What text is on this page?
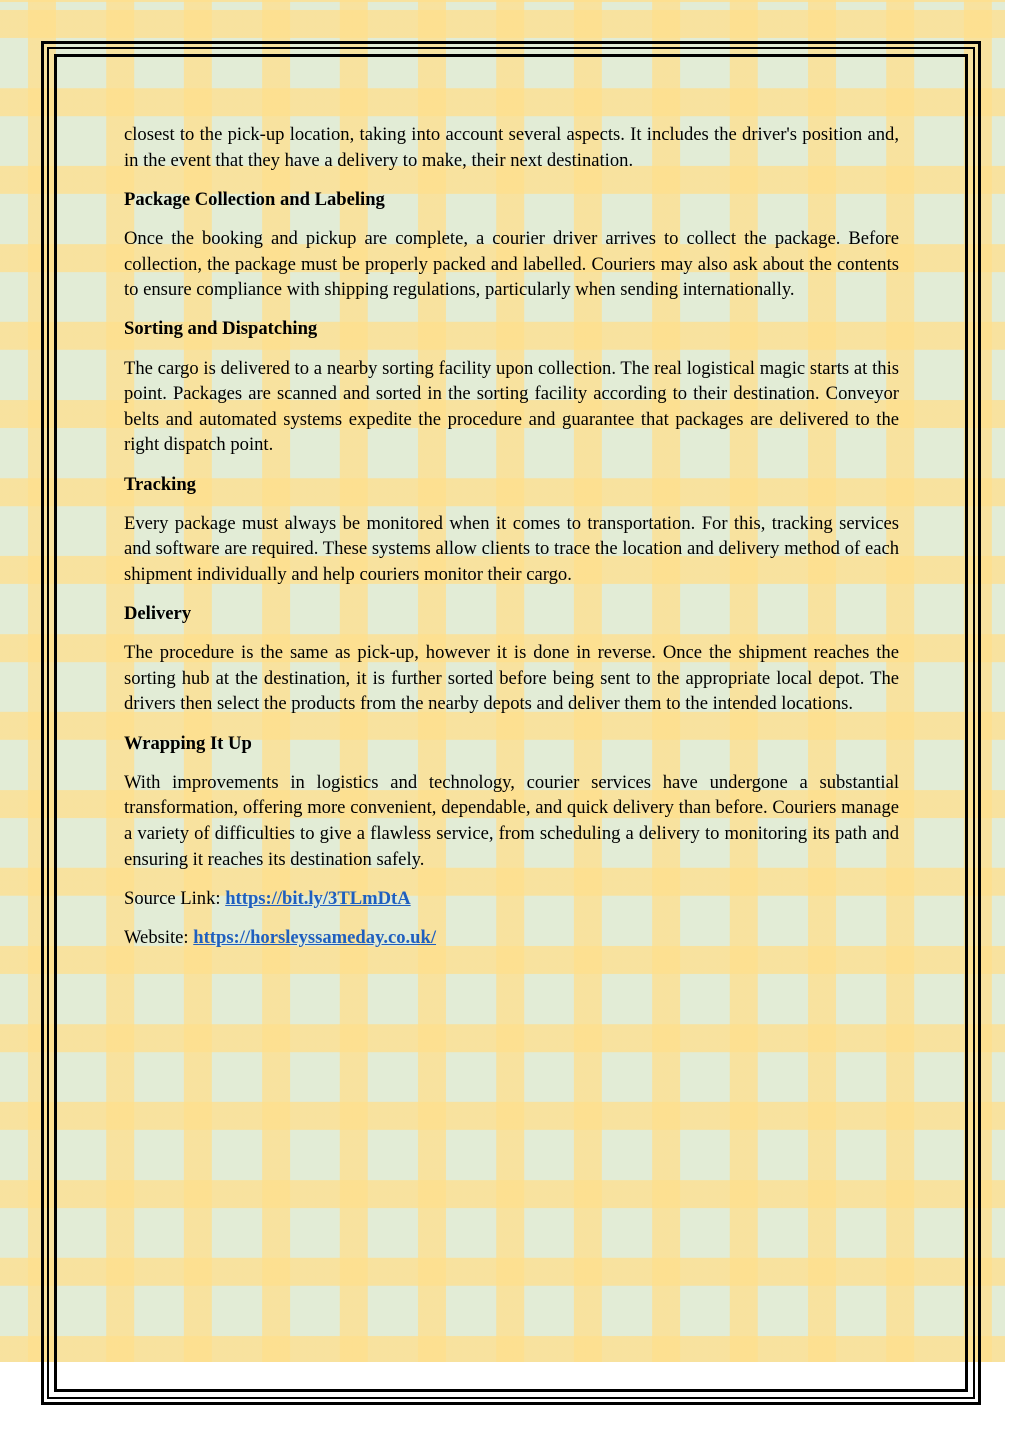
closest to the pick-up location, taking into account several aspects. It includes the driver's position and, in the event that they have a delivery to make, their next destination.

Package Collection and Labeling

Once the booking and pickup are complete, a courier driver arrives to collect the package. Before collection, the package must be properly packed and labelled. Couriers may also ask about the contents to ensure compliance with shipping regulations, particularly when sending internationally.

Sorting and Dispatching

The cargo is delivered to a nearby sorting facility upon collection. The real logistical magic starts at this point. Packages are scanned and sorted in the sorting facility according to their destination. Conveyor belts and automated systems expedite the procedure and guarantee that packages are delivered to the right dispatch point.

Tracking

Every package must always be monitored when it comes to transportation. For this, tracking services and software are required. These systems allow clients to trace the location and delivery method of each shipment individually and help couriers monitor their cargo.

Delivery

The procedure is the same as pick-up, however it is done in reverse. Once the shipment reaches the sorting hub at the destination, it is further sorted before being sent to the appropriate local depot. The drivers then select the products from the nearby depots and deliver them to the intended locations.

Wrapping It Up

With improvements in logistics and technology, courier services have undergone a substantial transformation, offering more convenient, dependable, and quick delivery than before. Couriers manage a variety of difficulties to give a flawless service, from scheduling a delivery to monitoring its path and ensuring it reaches its destination safely.

Source Link: https://bit.ly/3TLmDtA

Website: https://horsleyssameday.co.uk/
